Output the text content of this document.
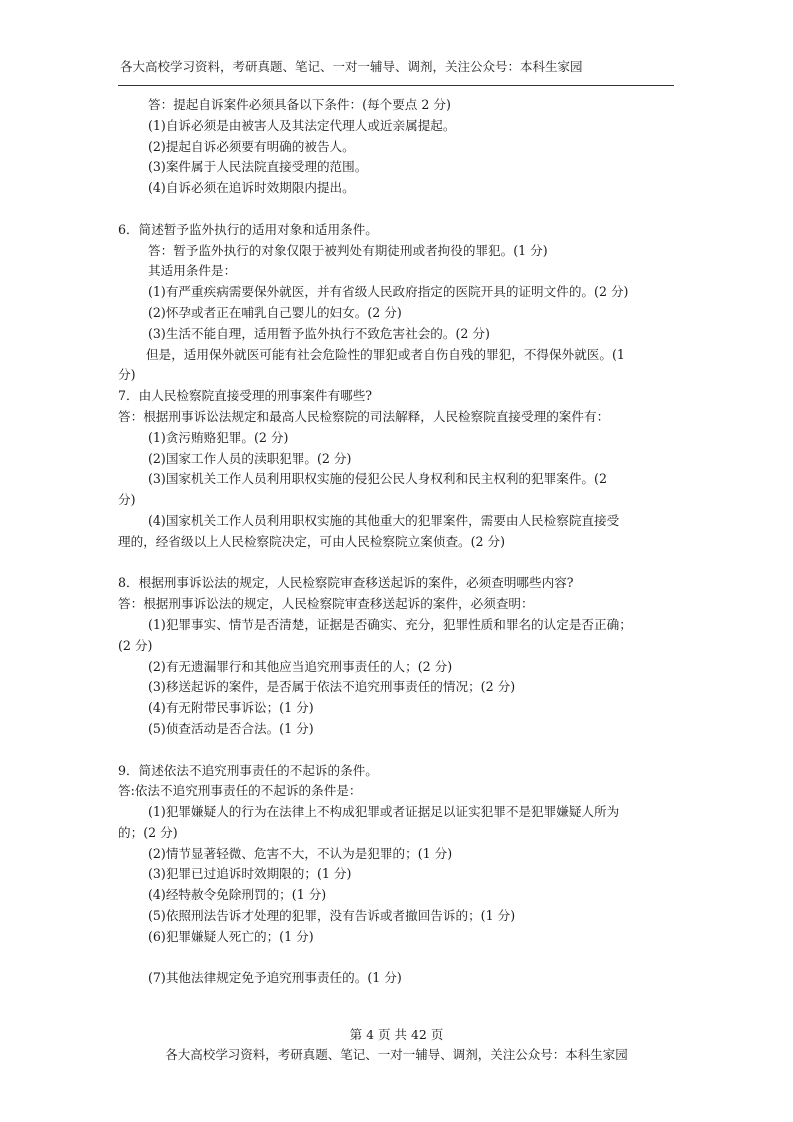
各大高校学习资料，考研真题、笔记、一对一辅导、调剂，关注公众号：本科生家园
答：提起自诉案件必须具备以下条件：(每个要点 2 分)
(1)自诉必须是由被害人及其法定代理人或近亲属提起。
(2)提起自诉必须要有明确的被告人。
(3)案件属于人民法院直接受理的范围。
(4)自诉必须在追诉时效期限内提出。
6．简述暂予监外执行的适用对象和适用条件。
答：暂予监外执行的对象仅限于被判处有期徒刑或者拘役的罪犯。(1 分)
其适用条件是：
(1)有严重疾病需要保外就医，并有省级人民政府指定的医院开具的证明文件的。(2 分)
(2)怀孕或者正在哺乳自己婴儿的妇女。(2 分)
(3)生活不能自理，适用暂予监外执行不致危害社会的。(2 分)
但是，适用保外就医可能有社会危险性的罪犯或者自伤自残的罪犯，不得保外就医。(1
分)
7．由人民检察院直接受理的刑事案件有哪些?
答：根据刑事诉讼法规定和最高人民检察院的司法解释，人民检察院直接受理的案件有：
(1)贪污贿赂犯罪。(2 分)
(2)国家工作人员的渎职犯罪。(2 分)
(3)国家机关工作人员利用职权实施的侵犯公民人身权利和民主权利的犯罪案件。(2
分)
(4)国家机关工作人员利用职权实施的其他重大的犯罪案件，需要由人民检察院直接受
理的，经省级以上人民检察院决定，可由人民检察院立案侦查。(2 分)
8．根据刑事诉讼法的规定，人民检察院审查移送起诉的案件，必须查明哪些内容?
答：根据刑事诉讼法的规定，人民检察院审查移送起诉的案件，必须查明：
(1)犯罪事实、情节是否清楚，证据是否确实、充分，犯罪性质和罪名的认定是否正确；
(2 分)
(2)有无遗漏罪行和其他应当追究刑事责任的人；(2 分)
(3)移送起诉的案件，是否属于依法不追究刑事责任的情况；(2 分)
(4)有无附带民事诉讼；(1 分)
(5)侦查活动是否合法。(1 分)
9．简述依法不追究刑事责任的不起诉的条件。
答:依法不追究刑事责任的不起诉的条件是：
(1)犯罪嫌疑人的行为在法律上不构成犯罪或者证据足以证实犯罪不是犯罪嫌疑人所为
的；(2 分)
(2)情节显著轻微、危害不大，不认为是犯罪的；(1 分)
(3)犯罪已过追诉时效期限的；(1 分)
(4)经特赦令免除刑罚的；(1 分)
(5)依照刑法告诉才处理的犯罪，没有告诉或者撤回告诉的；(1 分)
(6)犯罪嫌疑人死亡的；(1 分)
(7)其他法律规定免予追究刑事责任的。(1 分)
第 4 页 共 42 页
各大高校学习资料，考研真题、笔记、一对一辅导、调剂，关注公众号：本科生家园
